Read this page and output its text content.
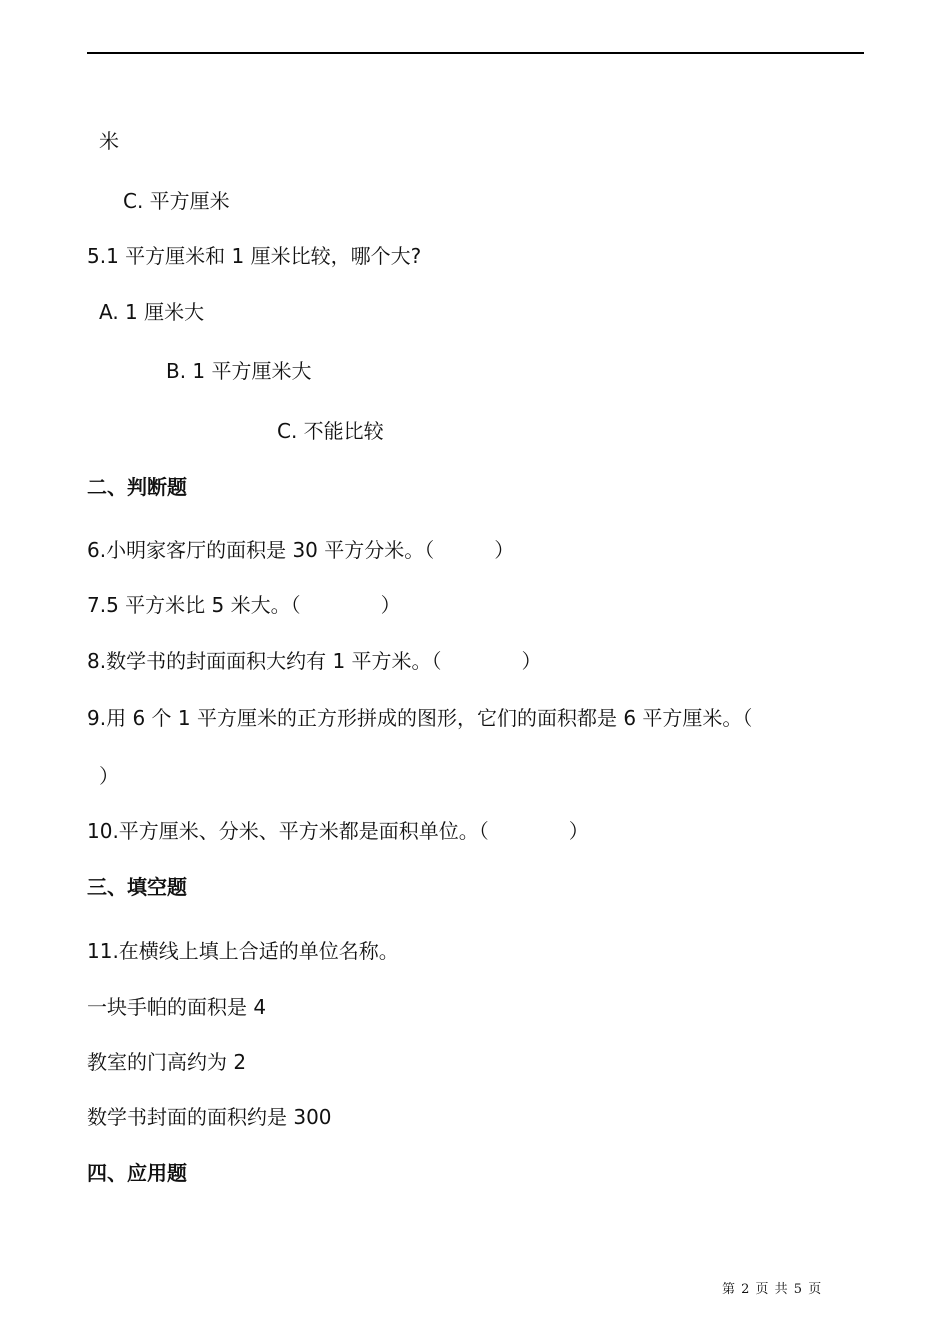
米
C. 平方厘米
5.1 平方厘米和 1 厘米比较，哪个大?
A. 1 厘米大
B. 1 平方厘米大
C. 不能比较
二、判断题
6.小明家客厅的面积是 30 平方分米。（　　　）
7.5 平方米比 5 米大。（　　　　）
8.数学书的封面面积大约有 1 平方米。（　　　　）
9.用 6 个 1 平方厘米的正方形拼成的图形，它们的面积都是 6 平方厘米。（
）
10.平方厘米、分米、平方米都是面积单位。（　　　　）
三、填空题
11.在横线上填上合适的单位名称。
一块手帕的面积是 4
教室的门高约为 2
数学书封面的面积约是 300
四、应用题
第 2 页 共 5 页
